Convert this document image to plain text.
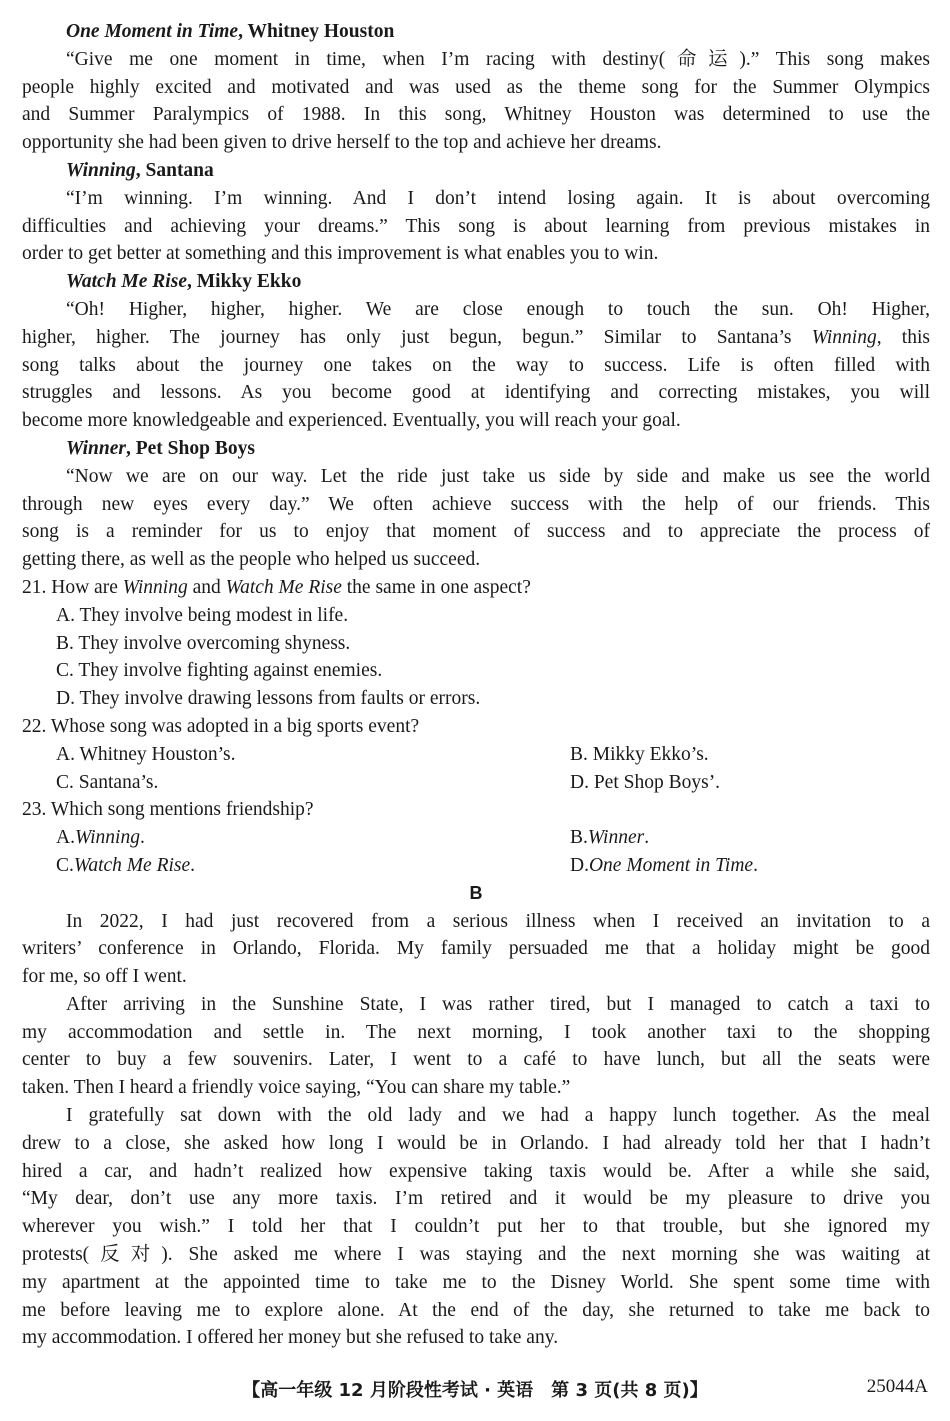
One Moment in Time, Whitney Houston
“Give me one moment in time, when I’m racing with destiny(命运).” This song makes
people highly excited and motivated and was used as the theme song for the Summer Olympics
and Summer Paralympics of 1988. In this song, Whitney Houston was determined to use the
opportunity she had been given to drive herself to the top and achieve her dreams.
Winning, Santana
“I’m winning. I’m winning. And I don’t intend losing again. It is about overcoming
difficulties and achieving your dreams.” This song is about learning from previous mistakes in
order to get better at something and this improvement is what enables you to win.
Watch Me Rise, Mikky Ekko
“Oh! Higher, higher, higher. We are close enough to touch the sun. Oh! Higher,
higher, higher. The journey has only just begun, begun.” Similar to Santana’s Winning, this
song talks about the journey one takes on the way to success. Life is often filled with
struggles and lessons. As you become good at identifying and correcting mistakes, you will
become more knowledgeable and experienced. Eventually, you will reach your goal.
Winner, Pet Shop Boys
“Now we are on our way. Let the ride just take us side by side and make us see the world
through new eyes every day.” We often achieve success with the help of our friends. This
song is a reminder for us to enjoy that moment of success and to appreciate the process of
getting there, as well as the people who helped us succeed.
21. How are Winning and Watch Me Rise the same in one aspect?
A. They involve being modest in life.
B. They involve overcoming shyness.
C. They involve fighting against enemies.
D. They involve drawing lessons from faults or errors.
22. Whose song was adopted in a big sports event?
A. Whitney Houston’s.	B. Mikky Ekko’s.
C. Santana’s.	D. Pet Shop Boys’.
23. Which song mentions friendship?
A.Winning.	B.Winner.
C.Watch Me Rise.	D.One Moment in Time.
B
In 2022, I had just recovered from a serious illness when I received an invitation to a
writers’ conference in Orlando, Florida. My family persuaded me that a holiday might be good
for me, so off I went.
After arriving in the Sunshine State, I was rather tired, but I managed to catch a taxi to
my accommodation and settle in. The next morning, I took another taxi to the shopping
center to buy a few souvenirs. Later, I went to a café to have lunch, but all the seats were
taken. Then I heard a friendly voice saying, “You can share my table.”
I gratefully sat down with the old lady and we had a happy lunch together. As the meal
drew to a close, she asked how long I would be in Orlando. I had already told her that I hadn’t
hired a car, and hadn’t realized how expensive taking taxis would be. After a while she said,
“My dear, don’t use any more taxis. I’m retired and it would be my pleasure to drive you
wherever you wish.” I told her that I couldn’t put her to that trouble, but she ignored my
protests(反对). She asked me where I was staying and the next morning she was waiting at
my apartment at the appointed time to take me to the Disney World. She spent some time with
me before leaving me to explore alone. At the end of the day, she returned to take me back to
my accommodation. I offered her money but she refused to take any.
【高一年级 12 月阶段性考试 · 英语　第 3 页(共 8 页)】	25044A
